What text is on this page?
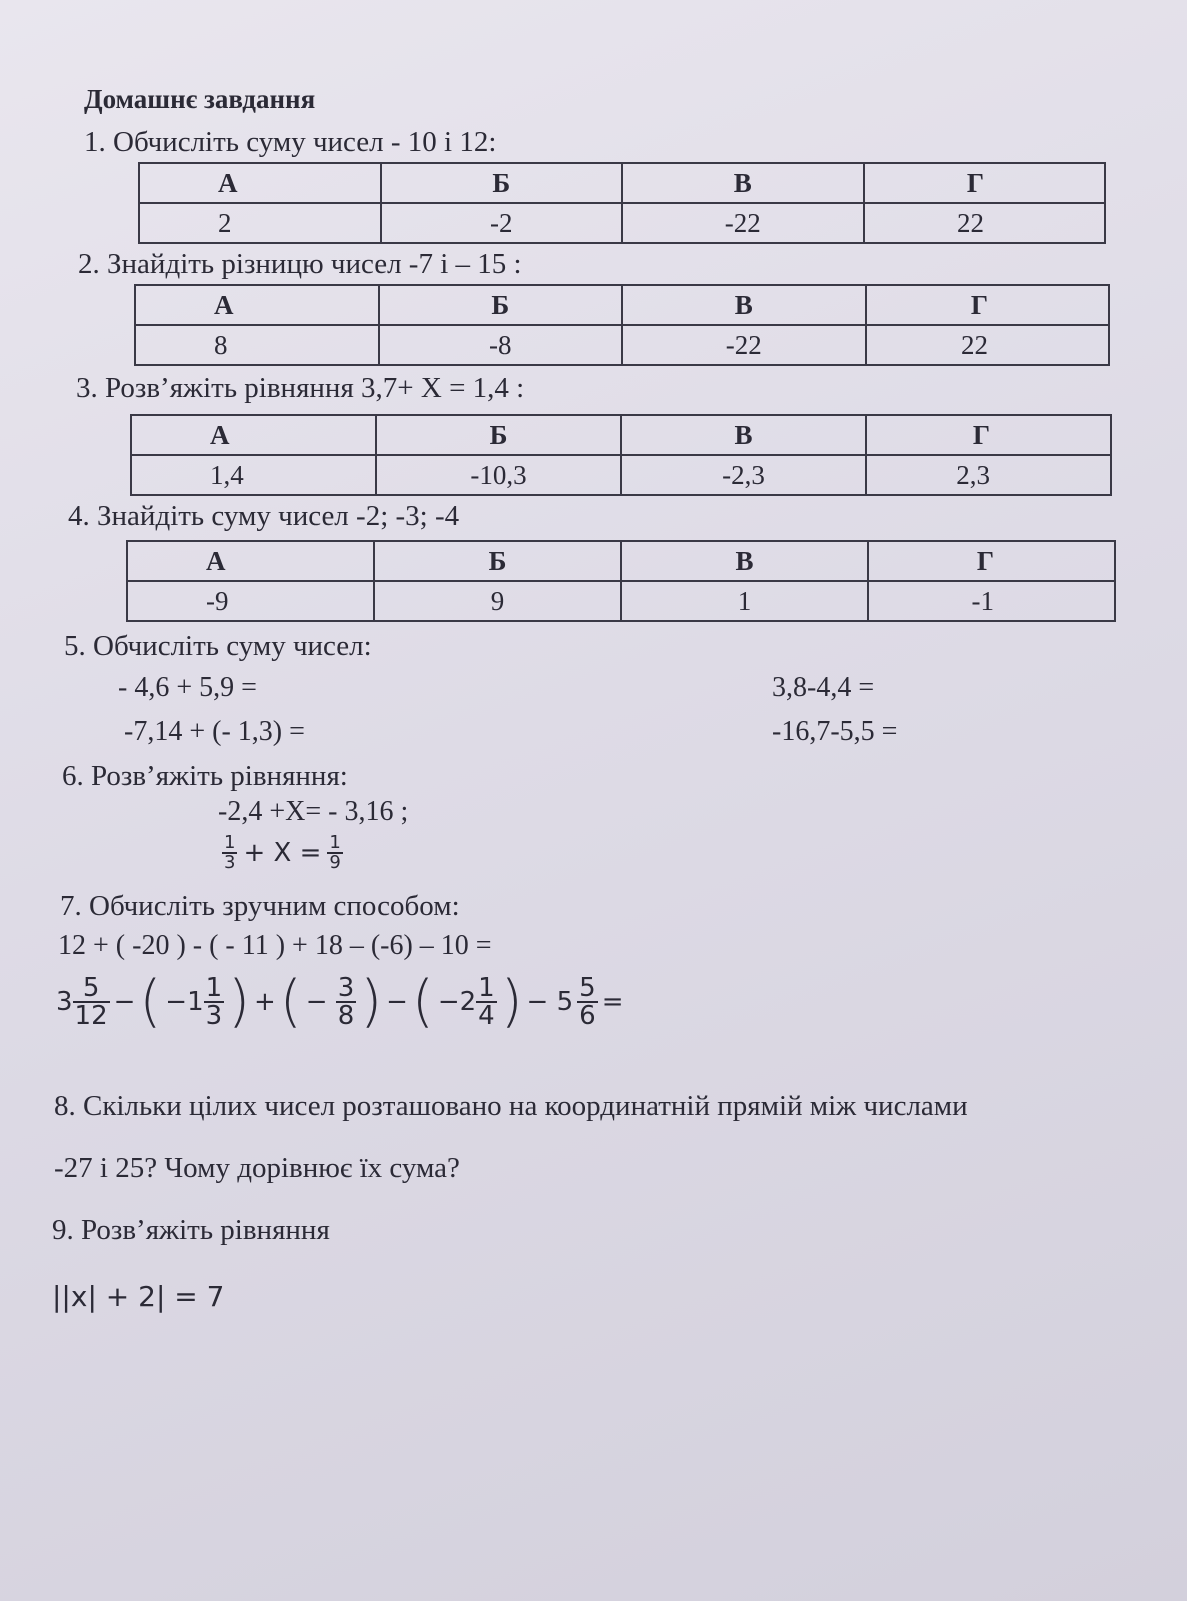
Домашнє завдання
1. Обчисліть суму чисел - 10 і 12:
А	Б	В	Г
2	-2	-22	22
2. Знайдіть різницю чисел -7 і – 15 :
А	Б	В	Г
8	-8	-22	22
3. Розв’яжіть рівняння 3,7+ Х = 1,4 :
А	Б	В	Г
1,4	-10,3	-2,3	2,3
4. Знайдіть суму чисел -2; -3; -4
А	Б	В	Г
-9	9	1	-1
5. Обчисліть суму чисел:
- 4,6 + 5,9 =
-7,14 + (- 1,3) =
3,8-4,4 =
-16,7-5,5 =
6. Розв’яжіть рівняння:
-2,4 +Х= - 3,16 ;
$\frac{1}{3} + X = \frac{1}{9}$
7. Обчисліть зручним способом:
12 + ( -20 ) - ( - 11 ) + 18 – (-6) – 10 =
$3 \frac{5}{12}$ − ( $-1 \frac{1}{3}$ ) + ( −
$\frac{3}{8}$ ) − ( $-2 \frac{1}{4}$ ) − $5 \frac{5}{6}$ =
8. Скільки цілих чисел розташовано на координатній прямій між числами
-27 і 25? Чому дорівнює їх сума?
9. Розв’яжіть рівняння
||x| + 2| = 7
